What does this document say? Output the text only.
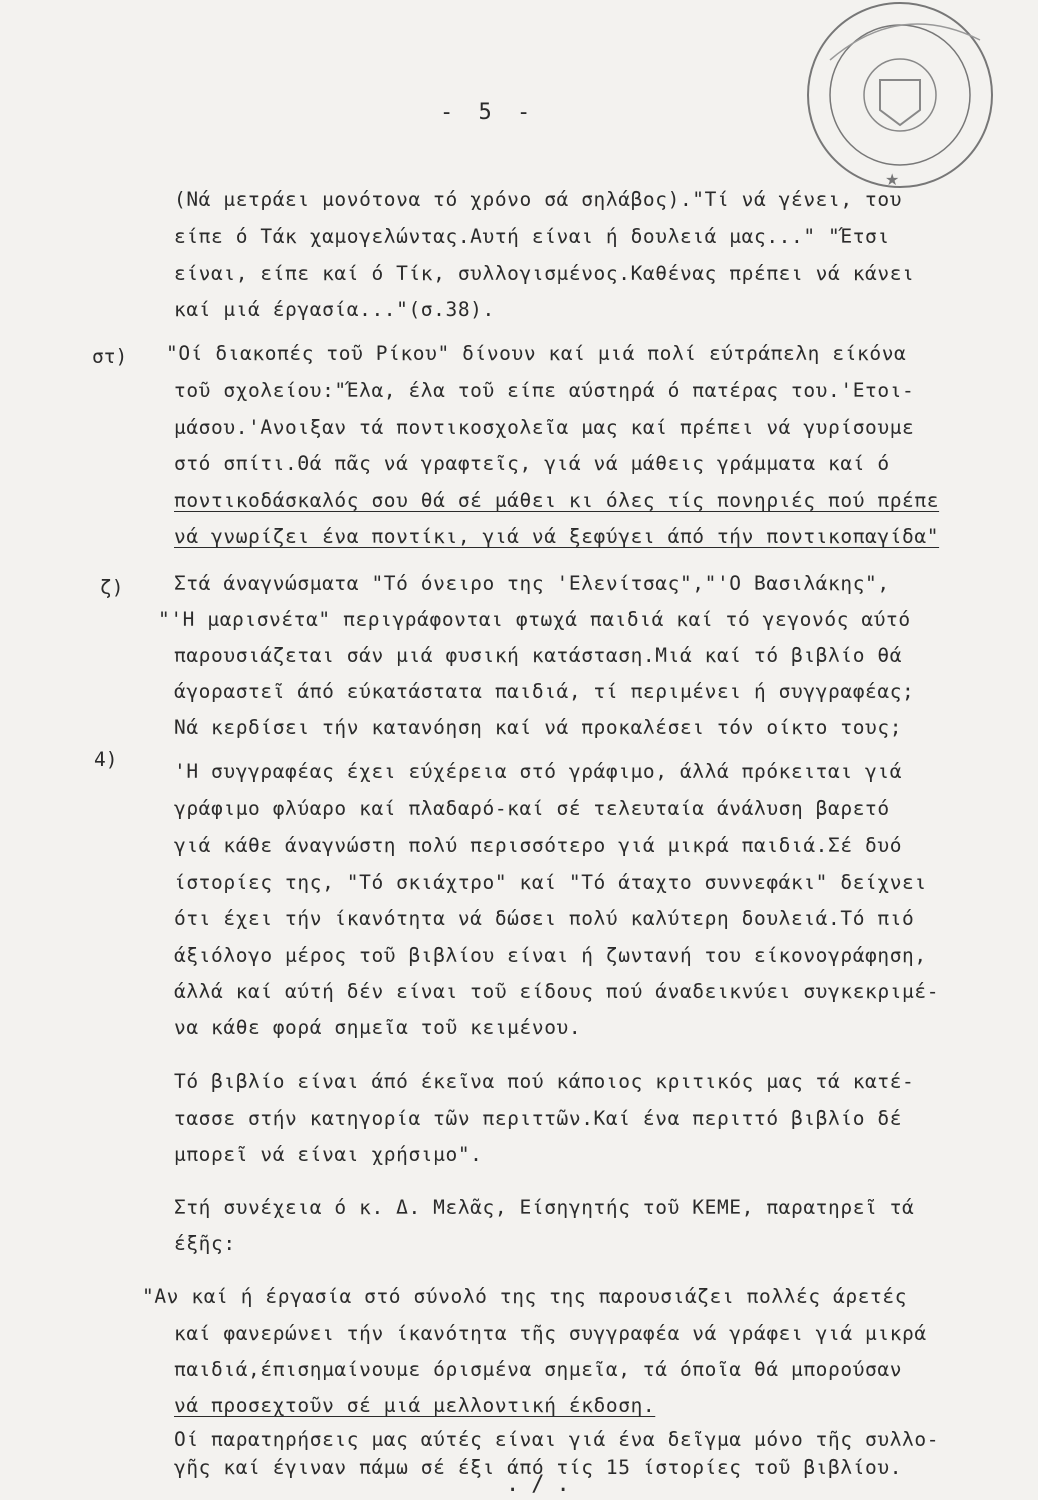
★
- 5 -
(Νά μετράει μονότονα τό χρόνο σά σηλάβος)."Τί νά γένει, του
είπε ό Τάκ χαμογελώντας.Αυτή είναι ή δουλειά μας..." "Έτσι
είναι, είπε καί ό Τίκ, συλλογισμένος.Καθένας πρέπει νά κάνει
καί μιά έργασία..."(σ.38).
στ) "Οί διακοπές τοῦ Ρίκου" δίνουν καί μιά πολί εύτράπελη είκόνα
τοῦ σχολείου:"Έλα, έλα τοῦ είπε αύστηρά ό πατέρας του.'Ετοι-
μάσου.'Ανοιξαν τά ποντικοσχολεῖα μας καί πρέπει νά γυρίσουμε
στό σπίτι.Θά πᾶς νά γραφτεῖς, γιά νά μάθεις γράμματα καί ό
ποντικοδάσκαλός σου θά σέ μάθει κι όλες τίς πονηριές πού πρέπε
νά γνωρίζει ένα ποντίκι, γιά νά ξεφύγει άπό τήν ποντικοπαγίδα"
ζ)	Στά άναγνώσματα "Τό όνειρο της 'Ελενίτσας","'Ο Βασιλάκης",
"'Η μαρισνέτα" περιγράφονται φτωχά παιδιά καί τό γεγονός αύτό
παρουσιάζεται σάν μιά φυσική κατάσταση.Μιά καί τό βιβλίο θά
άγοραστεῖ άπό εύκατάστατα παιδιά, τί περιμένει ή συγγραφέας;
Νά κερδίσει τήν κατανόηση καί νά προκαλέσει τόν οίκτο τους;
4)
'Η συγγραφέας έχει εύχέρεια στό γράφιμο, άλλά πρόκειται γιά
γράφιμο φλύαρο καί πλαδαρό-καί σέ τελευταία άνάλυση βαρετό
γιά κάθε άναγνώστη πολύ περισσότερο γιά μικρά παιδιά.Σέ δυό
ίστορίες της, "Τό σκιάχτρο" καί "Τό άταχτο συννεφάκι" δείχνει
ότι έχει τήν ίκανότητα νά δώσει πολύ καλύτερη δουλειά.Τό πιό
άξιόλογο μέρος τοῦ βιβλίου είναι ή ζωντανή του είκονογράφηση,
άλλά καί αύτή δέν είναι τοῦ είδους πού άναδεικνύει συγκεκριμέ-
να κάθε φορά σημεῖα τοῦ κειμένου.
Τό βιβλίο είναι άπό έκεῖνα πού κάποιος κριτικός μας τά κατέ-
τασσε στήν κατηγορία τῶν περιττῶν.Καί ένα περιττό βιβλίο δέ
μπορεῖ νά είναι χρήσιμο".
Στή συνέχεια ό κ. Δ. Μελᾶς, Είσηγητής τοῦ ΚΕΜΕ, παρατηρεῖ τά
έξῆς:
"Αν καί ή έργασία στό σύνολό της της παρουσιάζει πολλές άρετές
καί φανερώνει τήν ίκανότητα τῆς συγγραφέα νά γράφει γιά μικρά
παιδιά,έπισημαίνουμε όρισμένα σημεῖα, τά όποῖα θά μπορούσαν
νά προσεχτοῦν σέ μιά μελλοντική έκδοση.
Οί παρατηρήσεις μας αύτές είναι γιά ένα δεῖγμα μόνο τῆς συλλο-
γῆς καί έγιναν πάμω σέ έξι άπό τίς 15 ίστορίες τοῦ βιβλίου.
./.
